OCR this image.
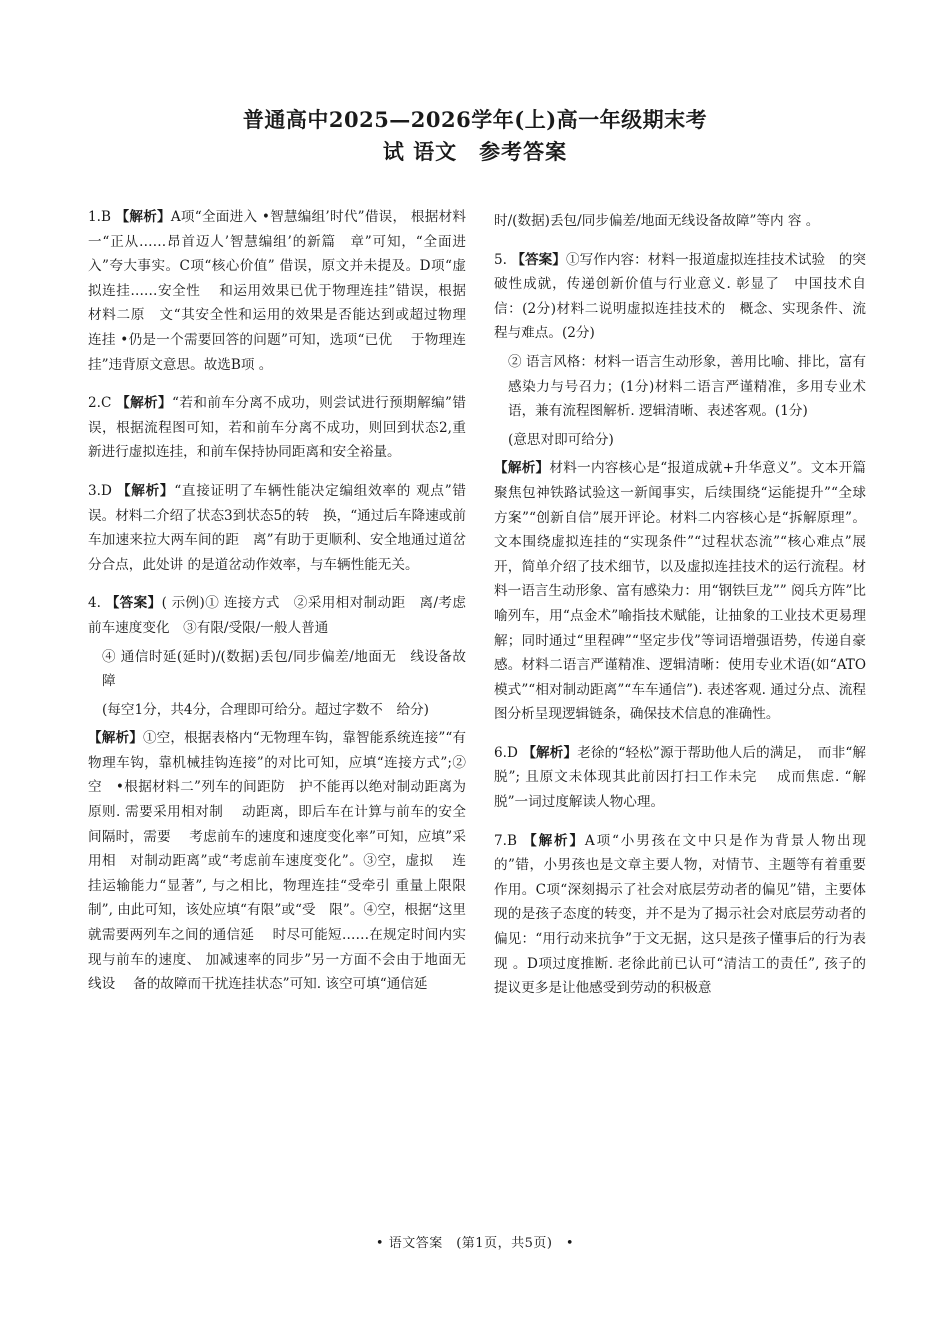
普通高中2025—2026学年(上)高一年级期末考
试 语文　参考答案
1.B 【解析】A项“全面进入 •智慧编组’时代”借误， 根据材料一“正从……昂首迈人’智慧编组’的新篇　章”可知，“全面进入”夸大事实。C项“核心价值” 借误，原文并未提及。D项“虚拟连挂……安全性　 和运用效果已优于物理连挂”错误，根据材料二原　文“其安全性和运用的效果是否能达到或超过物理　 连挂 •仍是一个需要回答的问题”可知，选项“已优　 于物理连挂”违背原文意思。故选B项 。
2.C 【解析】“若和前车分离不成功，则尝试进行预期解编”错误，根据流程图可知，若和前车分离不成功，则回到状态2,重新进行虚拟连挂，和前车保持协同距离和安全裕量。
3.D 【解析】“直接证明了车辆性能决定编组效率的 观点”错误。材料二介绍了状态3到状态5的转　换，“通过后车降速或前车加速来拉大两车间的距　离”有助于更顺利、安全地通过道岔分合点，此处讲 的是道岔动作效率，与车辆性能无关。

4. 【答案】( 示例)① 连接方式　②采用相对制动距　离/考虑前车速度变化　③有限/受限/一般人普通

④ 通信时延(延时)/(数据)丢包/同步偏差/地面无　线设备故障

(每空1分，共4分，合理即可给分。超过字数不　给分)

【解析】①空，根据表格内“无物理车钩，靠智能系统连接”“有物理车钩，靠机械挂钩连接”的对比可知，应填“连接方式”;② 空　•根据材料二”列车的间距防　护不能再以绝对制动距离为原则. 需要采用相对制　 动距离，即后车在计算与前车的安全间隔时，需要　 考虑前车的速度和速度变化率”可知，应填”采用相　对制动距离”或“考虑前车速度变化”。③空，虚拟　 连挂运输能力“显著”, 与之相比，物理连挂“受牵引 重量上限限制”, 由此可知，该处应填“有限”或“受　限”。④空，根据“这里就需要两列车之间的通信延　 时尽可能短……在规定时间内实现与前车的速度、 加减速率的同步”另一方面不会由于地面无线设　 备的故障而干扰连挂状态”可知. 该空可填“通信延

时/(数据)丢包/同步偏差/地面无线设备故障”等内 容 。

5. 【答案】①写作内容：材料一报道虚拟连挂技术试验　的突破性成就，传递创新价值与行业意义. 彰显了　中国技术自信：(2分)材料二说明虚拟连挂技术的　概念、实现条件、流程与难点。(2分)

② 语言风格：材料一语言生动形象，善用比喻、排比，富有感染力与号召力；(1分)材料二语言严谨精准，多用专业术语，兼有流程图解析. 逻辑清晰、表述客观。(1分)

(意思对即可给分)

【解析】材料一内容核心是“报道成就+升华意义”。文本开篇聚焦包神铁路试验这一新闻事实，后续围绕“运能提升”“全球方案”“创新自信”展开评论。材料二内容核心是“拆解原理”。文本围绕虚拟连挂的“实现条件”“过程状态流”“核心难点”展开，简单介绍了技术细节，以及虚拟连挂技术的运行流程。材料一语言生动形象、富有感染力：用“钢铁巨龙”” 阅兵方阵”比喻列车，用“点金术”喻指技术赋能，让抽象的工业技术更易理解；同时通过“里程碑”“坚定步伐”等词语增强语势，传递自豪感。材料二语言严谨精准、逻辑清晰：使用专业术语(如“ATO　模式”“相对制动距离”“车车通信”). 表述客观. 通过分点、流程图分析呈现逻辑链条，确保技术信息的准确性。

6.D 【解析】老徐的“轻松”源于帮助他人后的满足，　而非“解脱”; 且原文未体现其此前因打扫工作未完　 成而焦虑. “解脱”一词过度解读人物心理。
7.B 【解析】A项“小男孩在文中只是作为背景人物出现的”错，小男孩也是文章主要人物，对情节、主题等有着重要作用。C项“深刻揭示了社会对底层劳动者的偏见”错，主要体现的是孩子态度的转变，并不是为了揭示社会对底层劳动者的偏见：“用行动来抗争”于文无据，这只是孩子懂事后的行为表现 。D项过度推断. 老徐此前已认可“清洁工的责任”, 孩子的提议更多是让他感受到劳动的积极意
• 语文答案　(第1页，共5页)　•
